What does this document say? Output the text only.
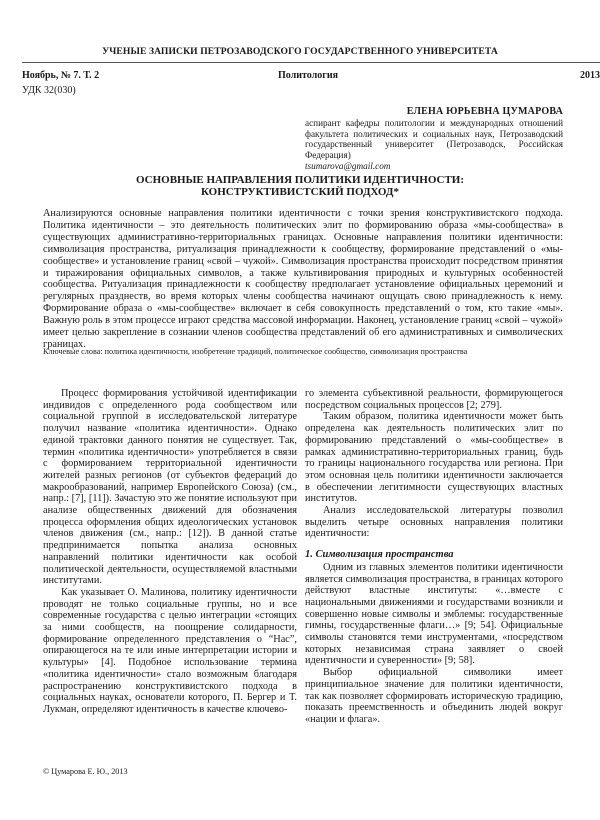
УЧЕНЫЕ ЗАПИСКИ ПЕТРОЗАВОДСКОГО ГОСУДАРСТВЕННОГО УНИВЕРСИТЕТА
Ноябрь, № 7. Т. 2	Политология	2013
УДК 32(030)
ЕЛЕНА ЮРЬЕВНА ЦУМАРОВА
аспирант кафедры политологии и международных отношений факультета политических и социальных наук, Петрозаводский государственный университет (Петрозаводск, Российская Федерация)
tsumarova@gmail.com
ОСНОВНЫЕ НАПРАВЛЕНИЯ ПОЛИТИКИ ИДЕНТИЧНОСТИ:
КОНСТРУКТИВИСТСКИЙ ПОДХОД*
Анализируются основные направления политики идентичности с точки зрения конструктивистского подхода. Политика идентичности – это деятельность политических элит по формированию образа «мы-сообщества» в существующих административно-территориальных границах. Основные направления политики идентичности: символизация пространства, ритуализация принадлежности к сообществу, формирование представлений о «мы-сообществе» и установление границ «свой – чужой». Символизация пространства происходит посредством принятия и тиражирования официальных символов, а также культивирования природных и культурных особенностей сообщества. Ритуализация принадлежности к сообществу предполагает установление официальных церемоний и регулярных празднеств, во время которых члены сообщества начинают ощущать свою принадлежность к нему. Формирование образа о «мы-сообществе» включает в себя совокупность представлений о том, кто такие «мы». Важную роль в этом процессе играют средства массовой информации. Наконец, установление границ «свой – чужой» имеет целью закрепление в сознании членов сообщества представлений об его административных и символических границах.
Ключевые слова: политика идентичности, изобретение традиций, политическое сообщество, символизация пространства

Процесс формирования устойчивой идентификации индивидов с определенного рода сообществом или социальной группой в исследовательской литературе получил название «политика идентичности». Однако единой трактовки данного понятия не существует. Так, термин «политика идентичности» употребляется в связи с формированием территориальной идентичности жителей разных регионов (от субъектов федераций до макрообразований, например Европейского Союза) (см., напр.: [7], [11]). Зачастую это же понятие используют при анализе общественных движений для обозначения процесса оформления общих идеологических установок членов движения (см., напр.: [12]). В данной статье предпринимается попытка анализа основных направлений политики идентичности как особой политической деятельности, осуществляемой властными институтами.

Как указывает О. Малинова, политику идентичности проводят не только социальные группы, но и все современные государства с целью интеграции «стоящих за ними сообществ, на поощрение солидарности, формирование определенного представления о “Нас”, опирающегося на те или иные интерпретации истории и культуры» [4]. Подобное использование термина «политика идентичности» стало возможным благодаря распространению конструктивистского подхода в социальных науках, основатели которого, П. Бергер и Т. Лукман, определяют идентичность в качестве ключево-

го элемента субъективной реальности, формирующегося посредством социальных процессов [2; 279].

Таким образом, политика идентичности может быть определена как деятельность политических элит по формированию представлений о «мы-сообществе» в рамках административно-территориальных границ, будь то границы национального государства или региона. При этом основная цель политики идентичности заключается в обеспечении легитимности существующих властных институтов.

Анализ исследовательской литературы позволил выделить четыре основных направления политики идентичности:

1. Символизация пространства

Одним из главных элементов политики идентичности является символизация пространства, в границах которого действуют властные институты: «…вместе с национальными движениями и государствами возникли и совершенно новые символы и эмблемы: государственные гимны, государственные флаги…» [9; 54]. Официальные символы становятся теми инструментами, «посредством которых независимая страна заявляет о своей идентичности и суверенности» [9; 58].

Выбор официальной символики имеет принципиальное значение для политики идентичности, так как позволяет сформировать историческую традицию, показать преемственность и объединить людей вокруг «нации и флага».

© Цумарова Е. Ю., 2013
